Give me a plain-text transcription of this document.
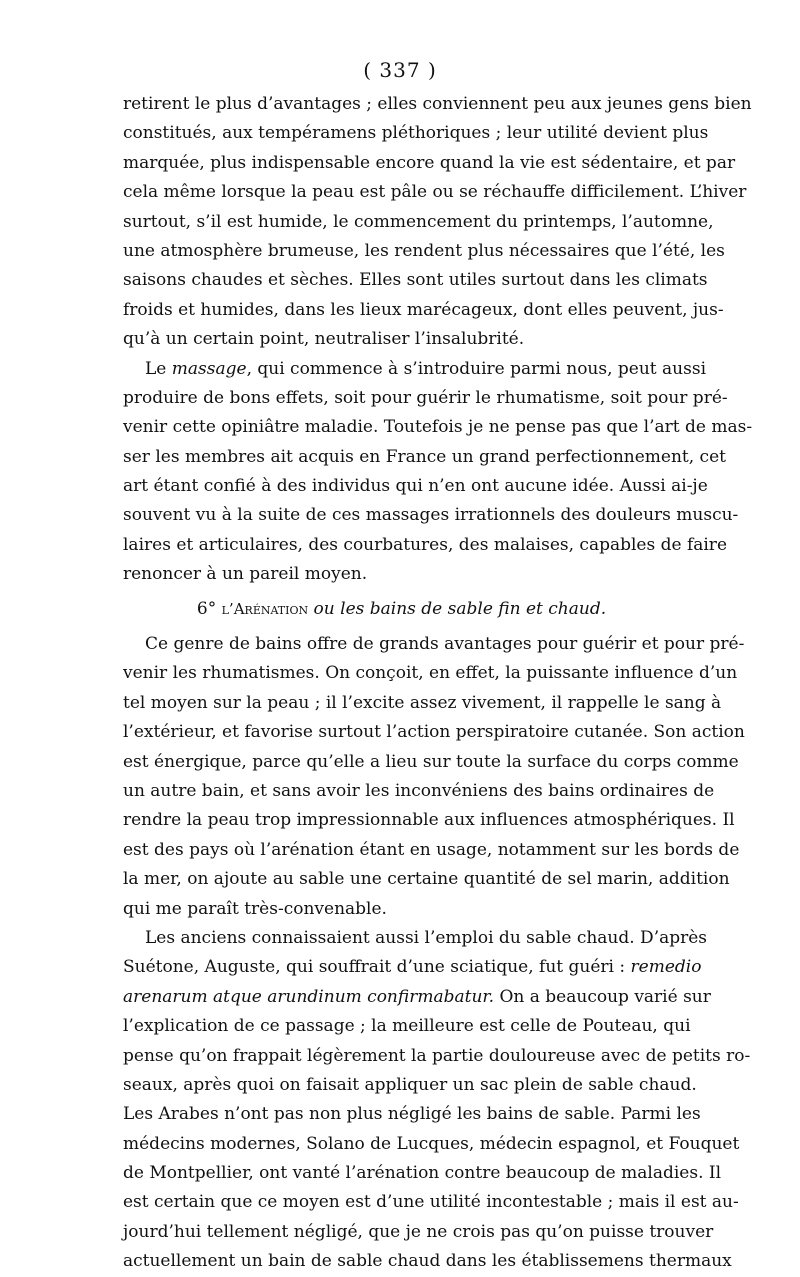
( 337 )
retirent le plus d’avantages ; elles conviennent peu aux jeunes gens bien
constitués, aux tempéramens pléthoriques ; leur utilité devient plus
marquée, plus indispensable encore quand la vie est sédentaire, et par
cela même lorsque la peau est pâle ou se réchauffe difficilement. L’hiver
surtout, s’il est humide, le commencement du printemps, l’automne,
une atmosphère brumeuse, les rendent plus nécessaires que l’été, les
saisons chaudes et sèches. Elles sont utiles surtout dans les climats
froids et humides, dans les lieux marécageux, dont elles peuvent, jus-
qu’à un certain point, neutraliser l’insalubrité.
Le massage, qui commence à s’introduire parmi nous, peut aussi
produire de bons effets, soit pour guérir le rhumatisme, soit pour pré-
venir cette opiniâtre maladie. Toutefois je ne pense pas que l’art de mas-
ser les membres ait acquis en France un grand perfectionnement, cet
art étant confié à des individus qui n’en ont aucune idée. Aussi ai-je
souvent vu à la suite de ces massages irrationnels des douleurs muscu-
laires et articulaires, des courbatures, des malaises, capables de faire
renoncer à un pareil moyen.
6° l’Arénation ou les bains de sable fin et chaud.
Ce genre de bains offre de grands avantages pour guérir et pour pré-
venir les rhumatismes. On conçoit, en effet, la puissante influence d’un
tel moyen sur la peau ; il l’excite assez vivement, il rappelle le sang à
l’extérieur, et favorise surtout l’action perspiratoire cutanée. Son action
est énergique, parce qu’elle a lieu sur toute la surface du corps comme
un autre bain, et sans avoir les inconvéniens des bains ordinaires de
rendre la peau trop impressionnable aux influences atmosphériques. Il
est des pays où l’arénation étant en usage, notamment sur les bords de
la mer, on ajoute au sable une certaine quantité de sel marin, addition
qui me paraît très-convenable.
Les anciens connaissaient aussi l’emploi du sable chaud. D’après
Suétone, Auguste, qui souffrait d’une sciatique, fut guéri : remedio
arenarum atque arundinum confirmabatur. On a beaucoup varié sur
l’explication de ce passage ; la meilleure est celle de Pouteau, qui
pense qu’on frappait légèrement la partie douloureuse avec de petits ro-
seaux, après quoi on faisait appliquer un sac plein de sable chaud.
Les Arabes n’ont pas non plus négligé les bains de sable. Parmi les
médecins modernes, Solano de Lucques, médecin espagnol, et Fouquet
de Montpellier, ont vanté l’arénation contre beaucoup de maladies. Il
est certain que ce moyen est d’une utilité incontestable ; mais il est au-
jourd’hui tellement négligé, que je ne crois pas qu’on puisse trouver
actuellement un bain de sable chaud dans les établissemens thermaux
